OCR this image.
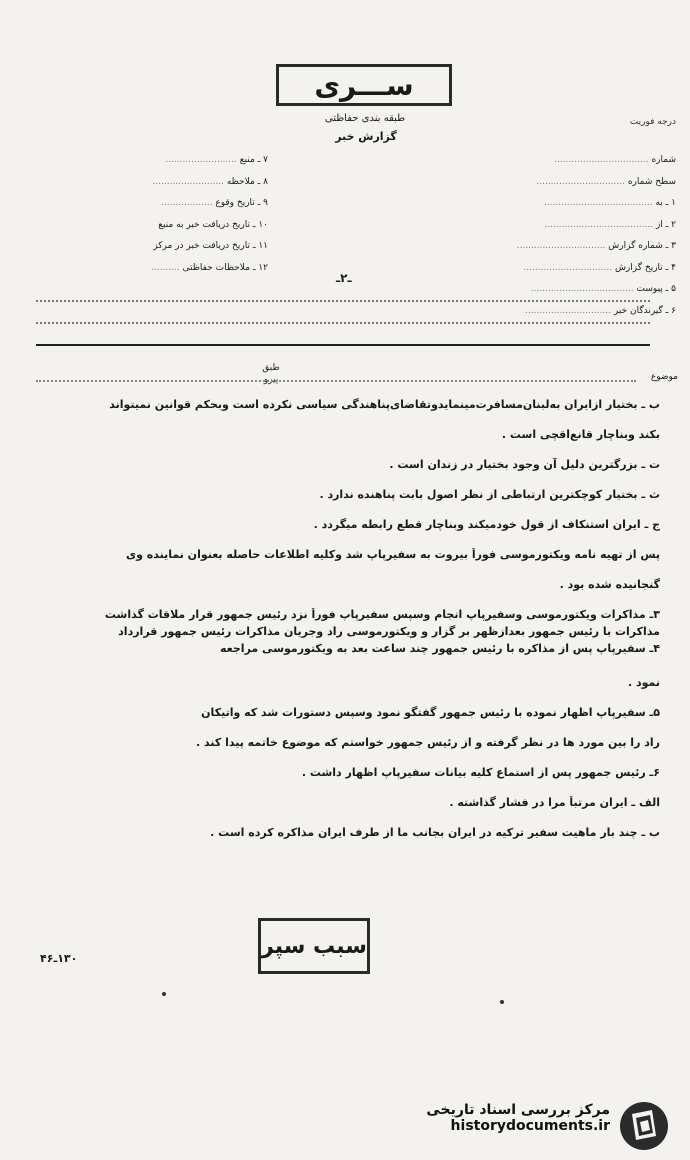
ســـرى
طبقه بندی حفاظتی
گزارش خبر
درجه فوریت
شماره .................................
سطح شماره ...............................
۱ ـ به ......................................
۲ ـ از ......................................
۳ ـ شماره گزارش ...............................
۴ ـ تاریخ گزارش ...............................
۵ ـ پیوست ....................................
۶ ـ گیرندگان خبر ..............................
۷ ـ منبع .........................
۸ ـ ملاحظه .........................
۹ ـ تاریخ وقوع ..................
۱۰ ـ تاریخ دریافت خبر به منبع
۱۱ ـ تاریخ دریافت خبر در مرکز
۱۲ ـ ملاحظات حفاظتی ..........
ـ۲ـ
موضوع
طبق پیرو

ب ـ بختیار ازایران به‌لبنان‌مسافرت‌مینماید‌وتقاضای‌پناهندگی سیاسی نکرده است وبحکم قوانین نمیتواند

بکند وبناچار قانع‌اقچی است .

ت ـ بزرگترین دلیل آن وجود بختیار در زندان است .

ث ـ بختیار کوچکترین ارتباطی از نظر اصول بابت پناهنده ندارد .

ج ـ ایران استنکاف از قول خودمیکند وبناچار قطع رابطه میگردد .

پس از تهیه نامه ویکتورموسی فوراً بیروت به سفیرپاپ شد وکلیه اطلاعات حاصله بعنوان نماینده وی

گنجانیده شده بود .

۳ـ مذاکرات ویکتورموسی وسفیرپاپ انجام وسپس سفیرپاپ فوراً نزد رئیس جمهور قرار ملاقات گذاشت

مذاکرات با رئیس جمهور بعدازظهر بر گزار و ویکتورموسی راد وجریان مذاکرات رئیس جمهور قرارداد

۴ـ سفیرپاپ پس از مذاکره با رئیس جمهور چند ساعت بعد به ویکتورموسی مراجعه

نمود .

۵ـ سفیرپاپ اظهار نموده با رئیس جمهور گفتگو نمود وسپس دستورات شد که واتیکان

راد را بین مورد ها در نظر گرفته و از رئیس جمهور خواستم که موضوع خاتمه پیدا کند .

۶ـ رئیس جمهور پس از استماع کلیه بیانات سفیرپاپ اظهار داشت .

الف ـ ایران مرتباً مرا در فشار گذاشته .

ب ـ چند بار ماهیت سفیر ترکیه در ایران بجانب ما از طرف ایران مذاکره کرده است .

سبب سپر
۱۳۰ـ۴۶
مرکز بررسی اسناد تاریخی
historydocuments.ir
